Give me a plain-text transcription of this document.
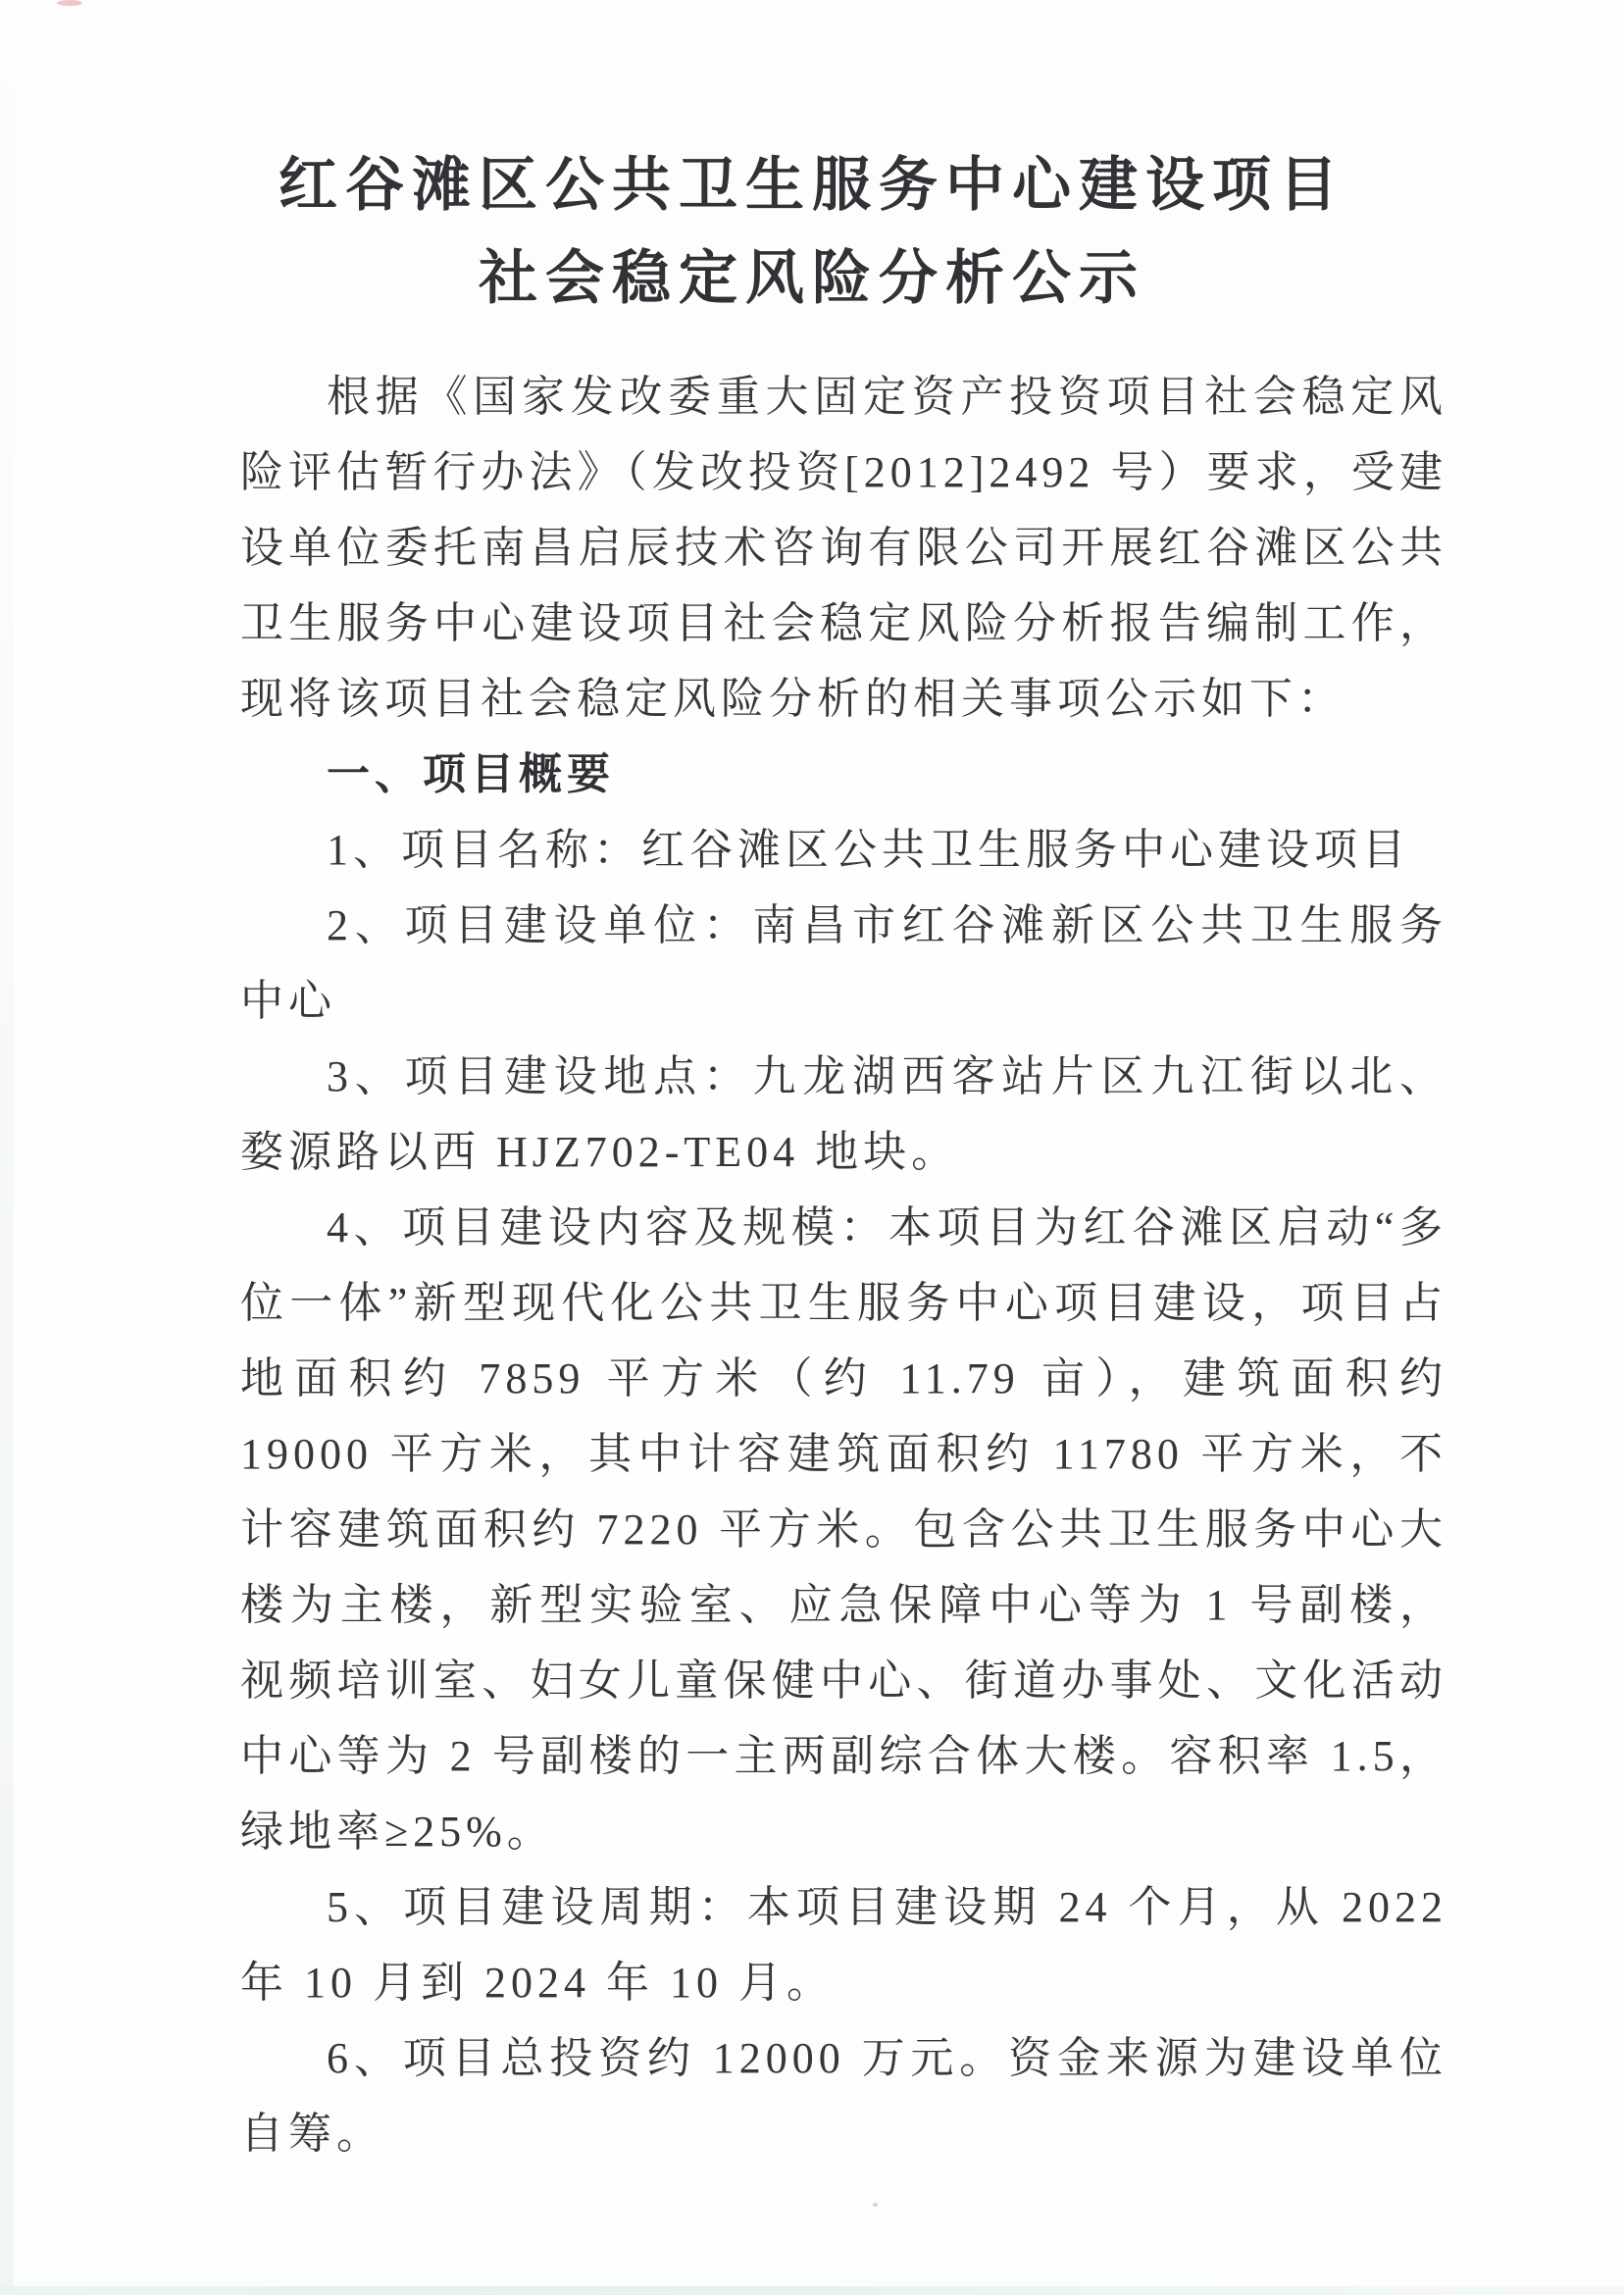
红谷滩区公共卫生服务中心建设项目
社会稳定风险分析公示

根据《国家发改委重大固定资产投资项目社会稳定风险评估暂行办法》（发改投资[2012]2492 号）要求，受建设单位委托南昌启辰技术咨询有限公司开展红谷滩区公共卫生服务中心建设项目社会稳定风险分析报告编制工作，现将该项目社会稳定风险分析的相关事项公示如下：

一、项目概要

1、项目名称：红谷滩区公共卫生服务中心建设项目

2、项目建设单位：南昌市红谷滩新区公共卫生服务中心

3、项目建设地点：九龙湖西客站片区九江街以北、婺源路以西 HJZ702-TE04 地块。

4、项目建设内容及规模：本项目为红谷滩区启动“多位一体”新型现代化公共卫生服务中心项目建设，项目占地面积约 7859 平方米（约 11.79 亩），建筑面积约 19000 平方米，其中计容建筑面积约 11780 平方米，不计容建筑面积约 7220 平方米。包含公共卫生服务中心大楼为主楼，新型实验室、应急保障中心等为 1 号副楼，视频培训室、妇女儿童保健中心、街道办事处、文化活动中心等为 2 号副楼的一主两副综合体大楼。容积率 1.5，绿地率≥25%。

5、项目建设周期：本项目建设期 24 个月，从 2022 年 10 月到 2024 年 10 月。

6、项目总投资约 12000 万元。资金来源为建设单位自筹。
